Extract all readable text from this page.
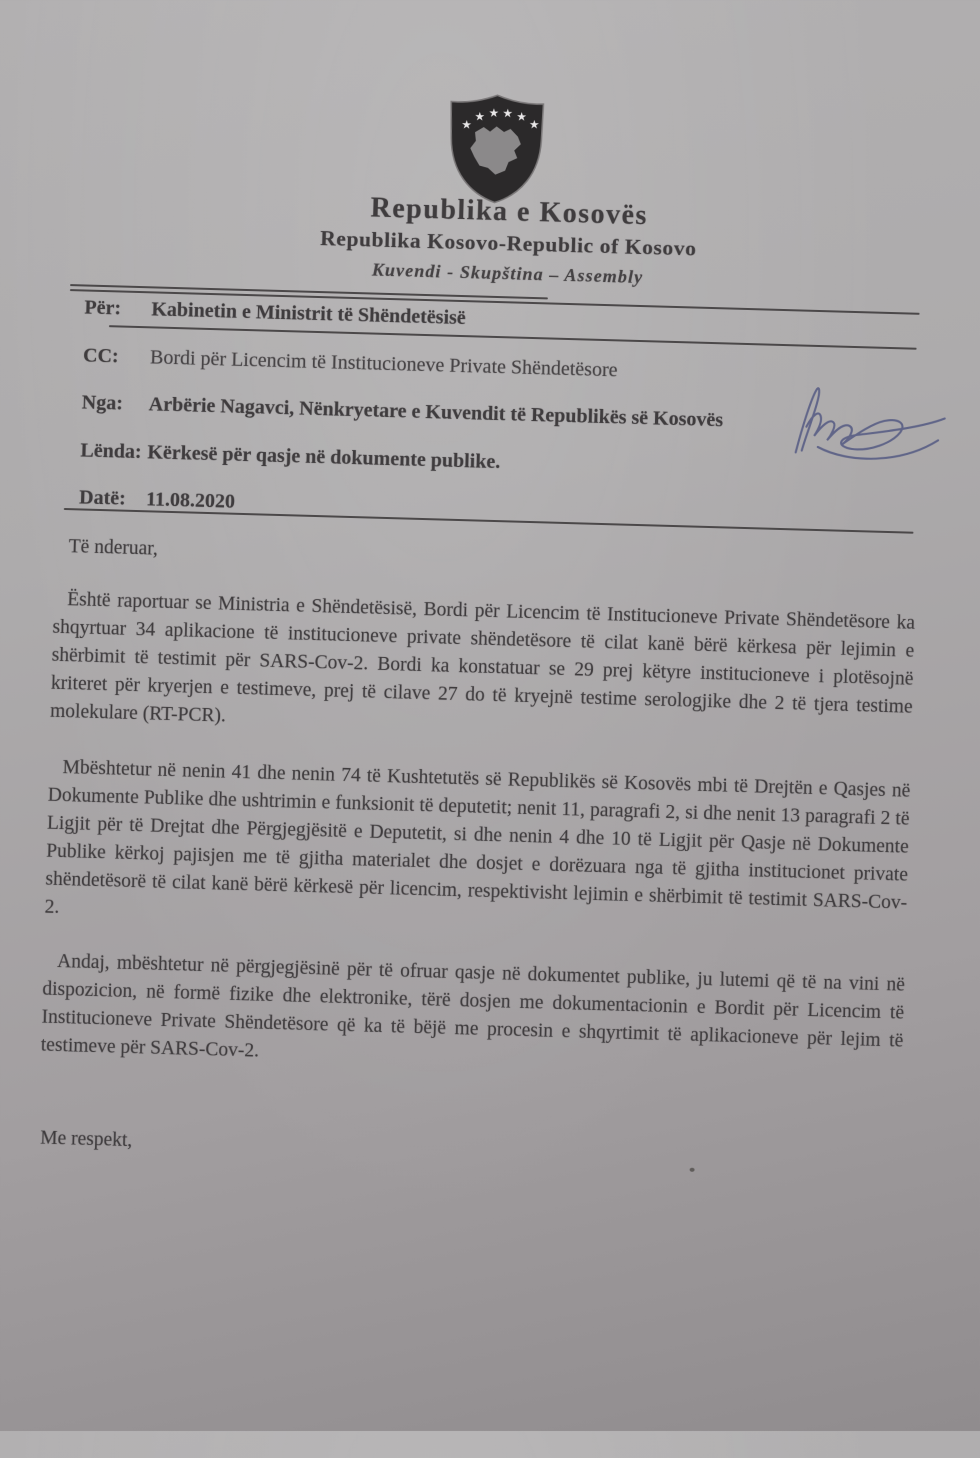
★
★ ★ ★ ★
★
Republika e Kosovës
Republika Kosovo-Republic of Kosovo
Kuvendi - Skupština – Assembly
Për: Kabinetin e Ministrit të Shëndetësisë
CC: Bordi për Licencim të Institucioneve Private Shëndetësore
Nga: Arbërie Nagavci, Nënkryetare e Kuvendit të Republikës së Kosovës
Lënda: Kërkesë për qasje në dokumente publike.
Datë: 11.08.2020
Të nderuar,
Është raportuar se Ministria e Shëndetësisë, Bordi për Licencim të Institucioneve Private Shëndetësore ka shqyrtuar 34 aplikacione të institucioneve private shëndetësore të cilat kanë bërë kërkesa për lejimin e shërbimit të testimit për SARS-Cov-2. Bordi ka konstatuar se 29 prej këtyre institucioneve i plotësojnë kriteret për kryerjen e testimeve, prej të cilave 27 do të kryejnë testime serologjike dhe 2 të tjera testime molekulare (RT-PCR).
Mbështetur në nenin 41 dhe nenin 74 të Kushtetutës së Republikës së Kosovës mbi të Drejtën e Qasjes në Dokumente Publike dhe ushtrimin e funksionit të deputetit; nenit 11, paragrafi 2, si dhe nenit 13 paragrafi 2 të Ligjit për të Drejtat dhe Përgjegjësitë e Deputetit, si dhe nenin 4 dhe 10 të Ligjit për Qasje në Dokumente Publike kërkoj pajisjen me të gjitha materialet dhe dosjet e dorëzuara nga të gjitha institucionet private shëndetësorë të cilat kanë bërë kërkesë për licencim, respektivisht lejimin e shërbimit të testimit SARS-Cov-2.
Andaj, mbështetur në përgjegjësinë për të ofruar qasje në dokumentet publike, ju lutemi që të na vini në dispozicion, në formë fizike dhe elektronike, tërë dosjen me dokumentacionin e Bordit për Licencim të Institucioneve Private Shëndetësore që ka të bëjë me procesin e shqyrtimit të aplikacioneve për lejim të testimeve për SARS-Cov-2.
Me respekt,
